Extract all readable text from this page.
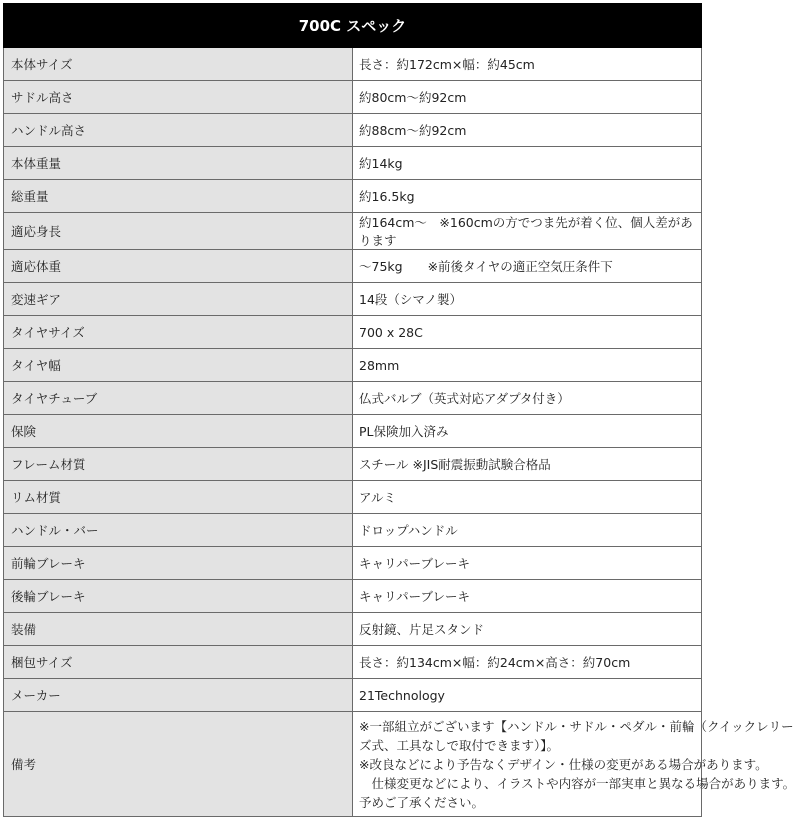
700C スペック	
本体サイズ	長さ：約172cm×幅：約45cm
サドル高さ	約80cm〜約92cm
ハンドル高さ	約88cm〜約92cm
本体重量	約14kg
総重量	約16.5kg
適応身長	約164cm〜　※160cmの方でつま先が着く位、個人差があります
適応体重	〜75kg　　※前後タイヤの適正空気圧条件下
変速ギア	14段（シマノ製）
タイヤサイズ	700 x 28C
タイヤ幅	28mm
タイヤチューブ	仏式バルブ（英式対応アダプタ付き）
保険	PL保険加入済み
フレーム材質	スチール ※JIS耐震振動試験合格品
リム材質	アルミ
ハンドル・バー	ドロップハンドル
前輪ブレーキ	キャリパーブレーキ
後輪ブレーキ	キャリパーブレーキ
装備	反射鏡、片足スタンド
梱包サイズ	長さ：約134cm×幅：約24cm×高さ：約70cm
メーカー	21Technology
備考	※一部組立がございます【ハンドル・サドル・ペダル・前輪（クイックレリー
ズ式、工具なしで取付できます）】。
※改良などにより予告なくデザイン・仕様の変更がある場合があります。
　仕様変更などにより、イラストや内容が一部実車と異なる場合があります。
予めご了承ください。
